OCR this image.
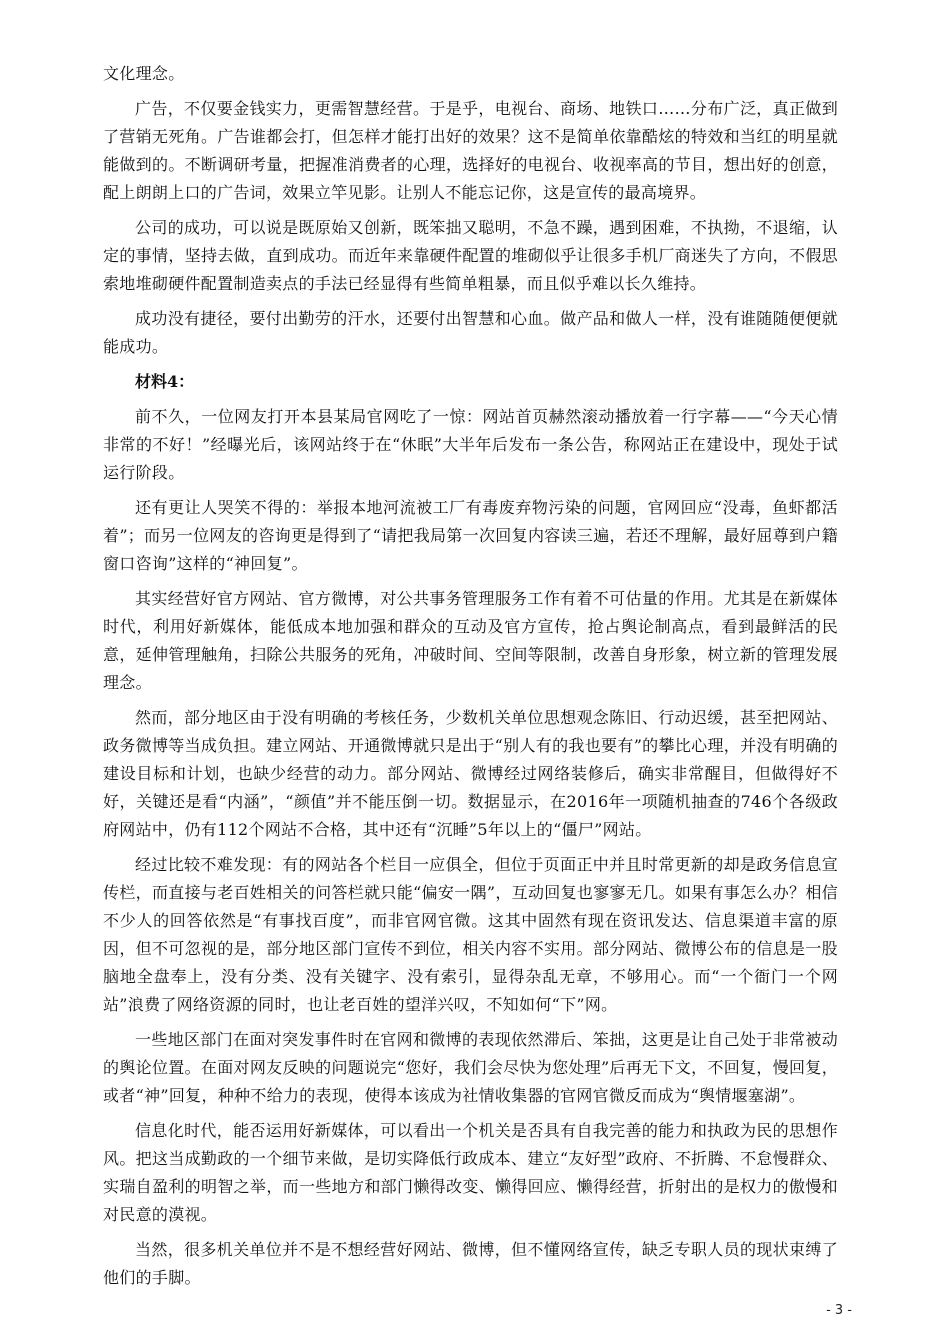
文化理念。

广告，不仅要金钱实力，更需智慧经营。于是乎，电视台、商场、地铁口……分布广泛，真正做到了营销无死角。广告谁都会打，但怎样才能打出好的效果？这不是简单依靠酷炫的特效和当红的明星就能做到的。不断调研考量，把握准消费者的心理，选择好的电视台、收视率高的节目，想出好的创意，配上朗朗上口的广告词，效果立竿见影。让别人不能忘记你，这是宣传的最高境界。

公司的成功，可以说是既原始又创新，既笨拙又聪明，不急不躁，遇到困难，不执拗，不退缩，认定的事情，坚持去做，直到成功。而近年来靠硬件配置的堆砌似乎让很多手机厂商迷失了方向，不假思索地堆砌硬件配置制造卖点的手法已经显得有些简单粗暴，而且似乎难以长久维持。

成功没有捷径，要付出勤劳的汗水，还要付出智慧和心血。做产品和做人一样，没有谁随随便便就能成功。

材料4：

前不久，一位网友打开本县某局官网吃了一惊：网站首页赫然滚动播放着一行字幕——“今天心情非常的不好！”经曝光后，该网站终于在“休眠”大半年后发布一条公告，称网站正在建设中，现处于试运行阶段。

还有更让人哭笑不得的：举报本地河流被工厂有毒废弃物污染的问题，官网回应“没毒，鱼虾都活着”；而另一位网友的咨询更是得到了“请把我局第一次回复内容读三遍，若还不理解，最好屈尊到户籍窗口咨询”这样的“神回复”。

其实经营好官方网站、官方微博，对公共事务管理服务工作有着不可估量的作用。尤其是在新媒体时代，利用好新媒体，能低成本地加强和群众的互动及官方宣传，抢占舆论制高点，看到最鲜活的民意，延伸管理触角，扫除公共服务的死角，冲破时间、空间等限制，改善自身形象，树立新的管理发展理念。

然而，部分地区由于没有明确的考核任务，少数机关单位思想观念陈旧、行动迟缓，甚至把网站、政务微博等当成负担。建立网站、开通微博就只是出于“别人有的我也要有”的攀比心理，并没有明确的建设目标和计划，也缺少经营的动力。部分网站、微博经过网络装修后，确实非常醒目，但做得好不好，关键还是看“内涵”，“颜值”并不能压倒一切。数据显示，在2016年一项随机抽查的746个各级政府网站中，仍有112个网站不合格，其中还有“沉睡”5年以上的“僵尸”网站。

经过比较不难发现：有的网站各个栏目一应俱全，但位于页面正中并且时常更新的却是政务信息宣传栏，而直接与老百姓相关的问答栏就只能“偏安一隅”，互动回复也寥寥无几。如果有事怎么办？相信不少人的回答依然是“有事找百度”，而非官网官微。这其中固然有现在资讯发达、信息渠道丰富的原因，但不可忽视的是，部分地区部门宣传不到位，相关内容不实用。部分网站、微博公布的信息是一股脑地全盘奉上，没有分类、没有关键字、没有索引，显得杂乱无章，不够用心。而“一个衙门一个网站”浪费了网络资源的同时，也让老百姓的望洋兴叹，不知如何“下”网。

一些地区部门在面对突发事件时在官网和微博的表现依然滞后、笨拙，这更是让自己处于非常被动的舆论位置。在面对网友反映的问题说完“您好，我们会尽快为您处理”后再无下文，不回复，慢回复，或者“神”回复，种种不给力的表现，使得本该成为社情收集器的官网官微反而成为“舆情堰塞湖”。

信息化时代，能否运用好新媒体，可以看出一个机关是否具有自我完善的能力和执政为民的思想作风。把这当成勤政的一个细节来做，是切实降低行政成本、建立“友好型”政府、不折腾、不怠慢群众、实瑞自盈利的明智之举，而一些地方和部门懒得改变、懒得回应、懒得经营，折射出的是权力的傲慢和对民意的漠视。

当然，很多机关单位并不是不想经营好网站、微博，但不懂网络宣传，缺乏专职人员的现状束缚了他们的手脚。

- 3 -
